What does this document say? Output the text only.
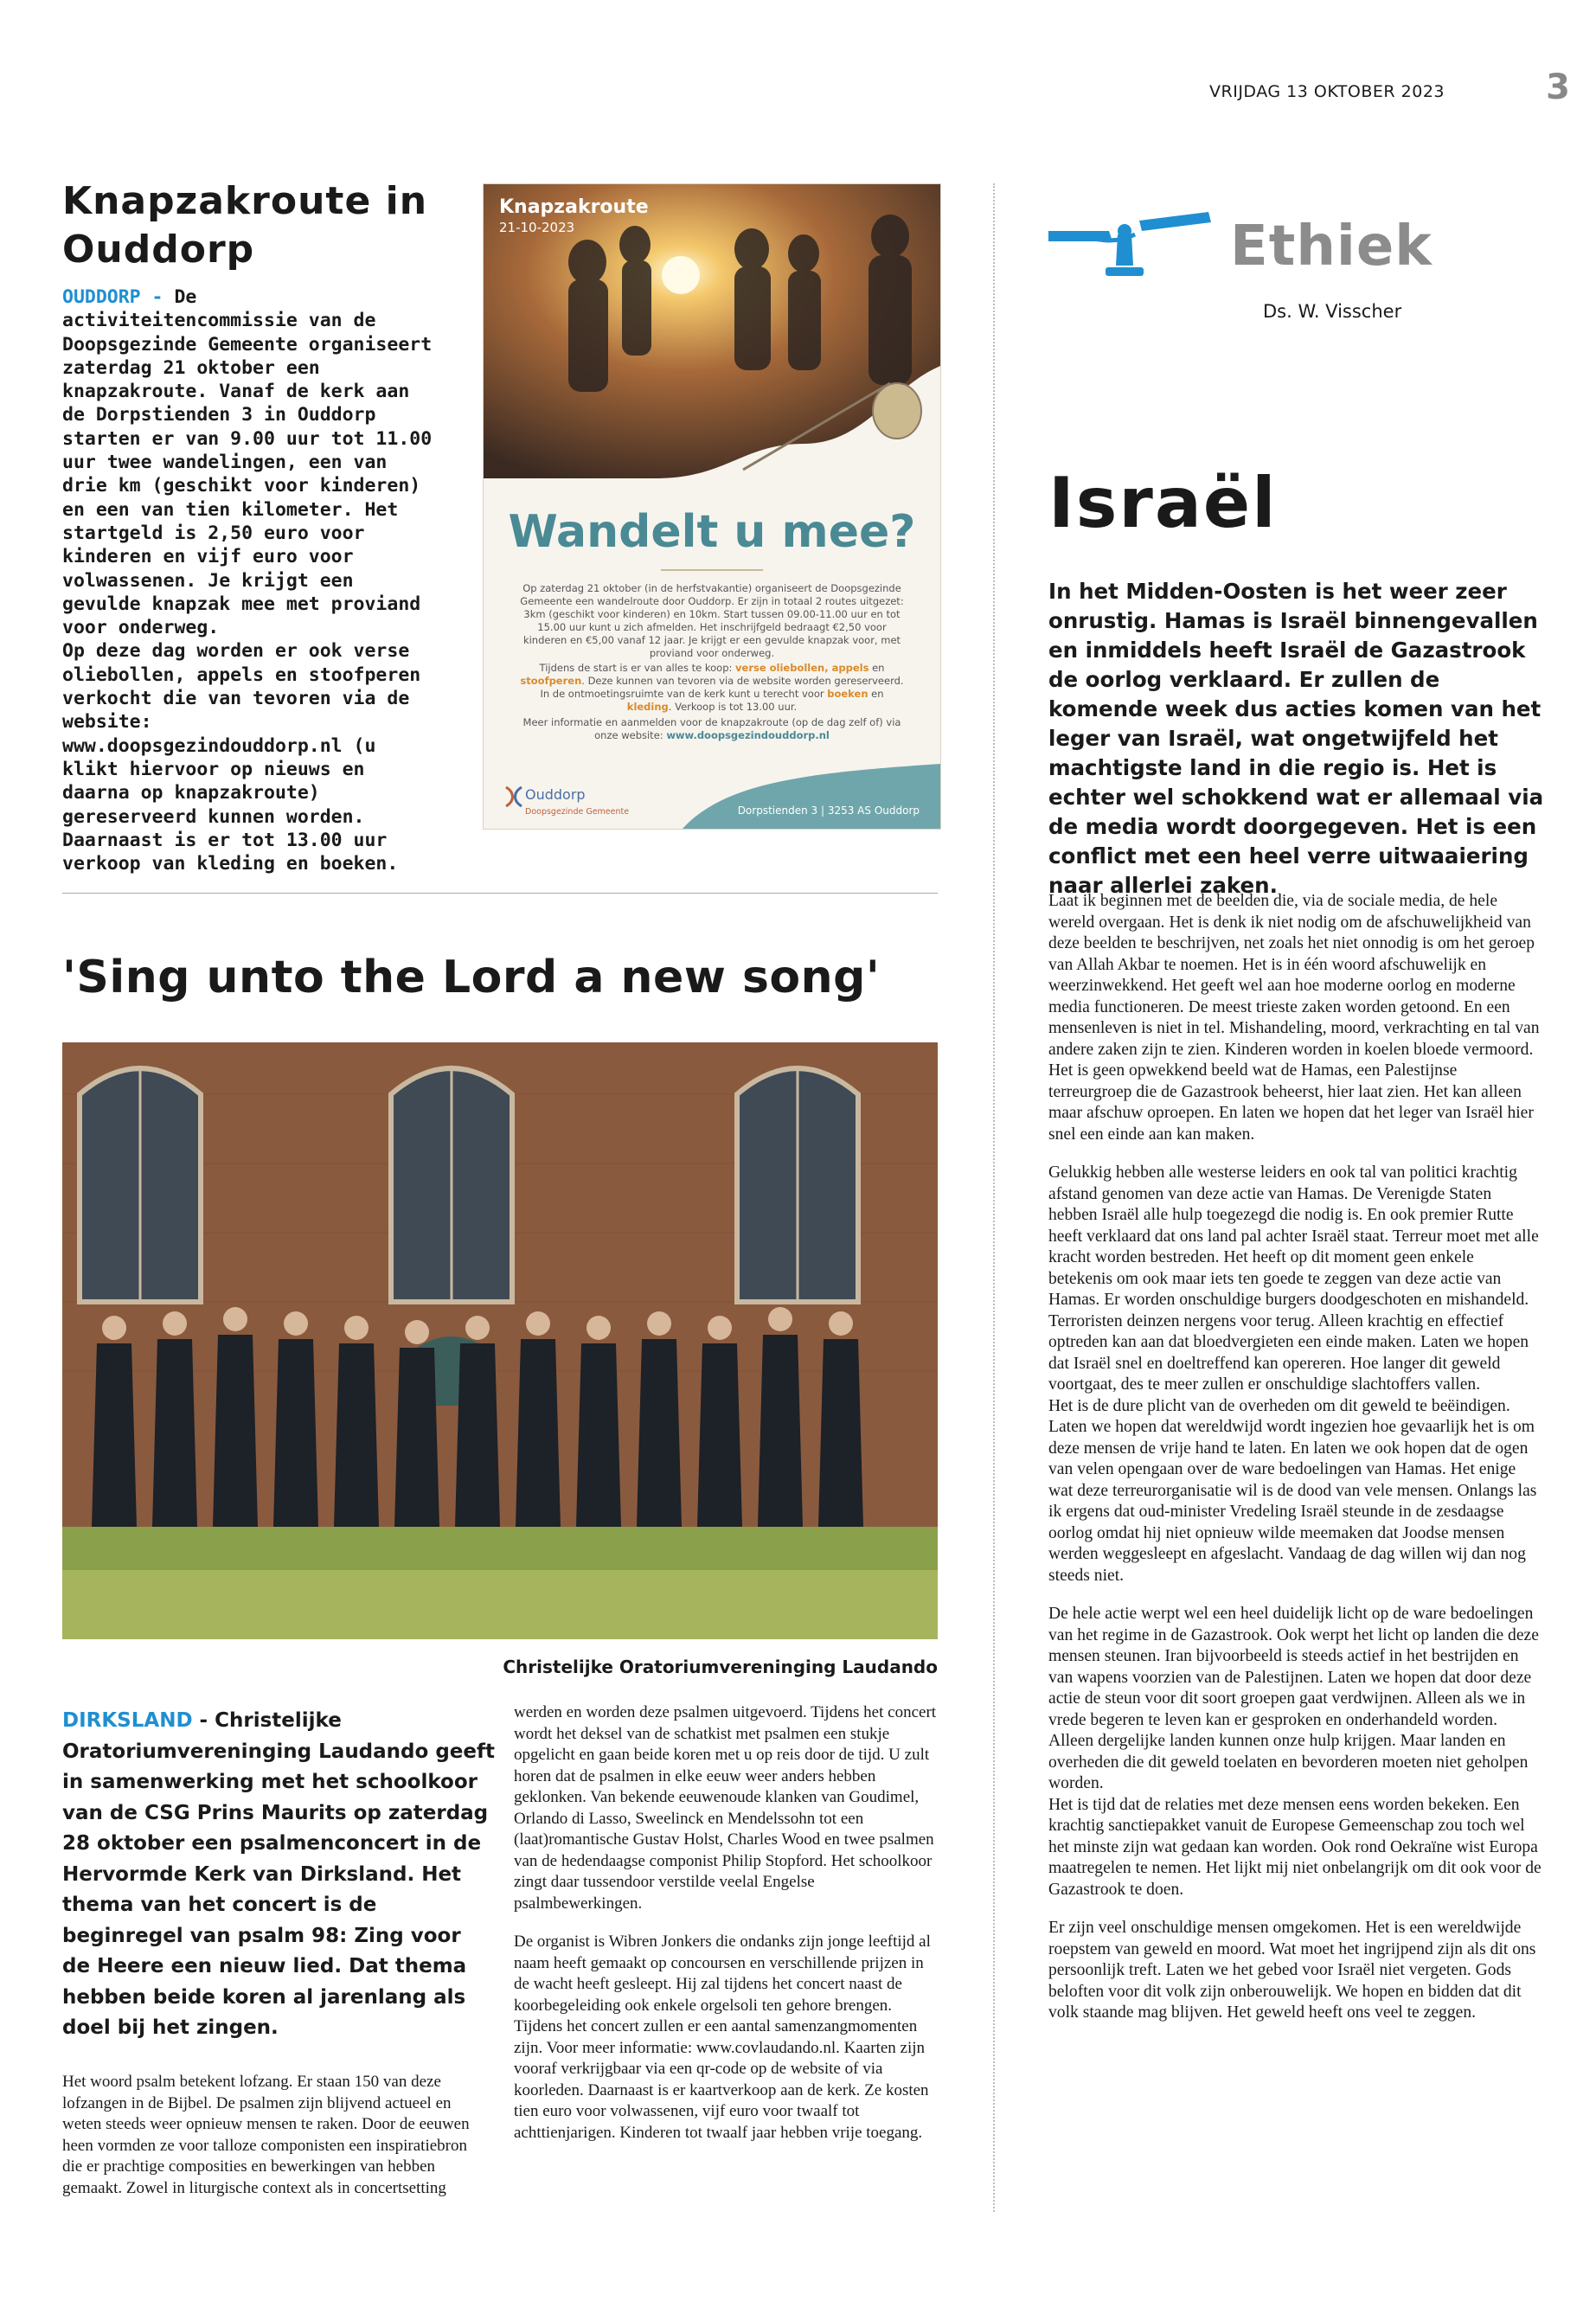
VRIJDAG 13 OKTOBER 2023	3
Knapzakroute in Ouddorp
OUDDORP - De activiteitencommissie van de Doopsgezinde Gemeente organiseert zaterdag 21 oktober een knapzakroute. Vanaf de kerk aan de Dorpstienden 3 in Ouddorp starten er van 9.00 uur tot 11.00 uur twee wandelingen, een van drie km (geschikt voor kinderen) en een van tien kilometer. Het startgeld is 2,50 euro voor kinderen en vijf euro voor volwassenen. Je krijgt een gevulde knapzak mee met proviand voor onderweg.
Op deze dag worden er ook verse oliebollen, appels en stoofperen verkocht die van tevoren via de website:
www.doopsgezindouddorp.nl (u klikt hiervoor op nieuws en daarna op knapzakroute) gereserveerd kunnen worden. Daarnaast is er tot 13.00 uur verkoop van kleding en boeken.
Knapzakroute
21-10-2023
Wandelt u mee?
Op zaterdag 21 oktober (in de herfstvakantie) organiseert de Doopsgezinde Gemeente een wandelroute door Ouddorp. Er zijn in totaal 2 routes uitgezet: 3km (geschikt voor kinderen) en 10km. Start tussen 09.00-11.00 uur en tot 15.00 uur kunt u zich afmelden. Het inschrijfgeld bedraagt €2,50 voor kinderen en €5,00 vanaf 12 jaar. Je krijgt er een gevulde knapzak voor, met proviand voor onderweg.
Tijdens de start is er van alles te koop: verse oliebollen, appels en stoofperen. Deze kunnen van tevoren via de website worden gereserveerd. In de ontmoetingsruimte van de kerk kunt u terecht voor boeken en kleding. Verkoop is tot 13.00 uur.
Meer informatie en aanmelden voor de knapzakroute (op de dag zelf of) via onze website: www.doopsgezindouddorp.nl
Ouddorp
Doopsgezinde Gemeente	Dorpstienden 3 | 3253 AS Ouddorp
'Sing unto the Lord a new song'
Christelijke Oratoriumvereninging Laudando
DIRKSLAND - Christelijke Oratoriumvereninging Laudando geeft in samenwerking met het schoolkoor van de CSG Prins Maurits op zaterdag 28 oktober een psalmenconcert in de Hervormde Kerk van Dirksland. Het thema van het concert is de beginregel van psalm 98: Zing voor de Heere een nieuw lied. Dat thema hebben beide koren al jarenlang als doel bij het zingen.

Het woord psalm betekent lofzang. Er staan 150 van deze lofzangen in de Bijbel. De psalmen zijn blijvend actueel en weten steeds weer opnieuw mensen te raken. Door de eeuwen heen vormden ze voor talloze componisten een inspiratiebron die er prachtige composities en bewerkingen van hebben gemaakt. Zowel in liturgische context als in concertsetting

werden en worden deze psalmen uitgevoerd. Tijdens het concert wordt het deksel van de schatkist met psalmen een stukje opgelicht en gaan beide koren met u op reis door de tijd. U zult horen dat de psalmen in elke eeuw weer anders hebben geklonken. Van bekende eeuwenoude klanken van Goudimel, Orlando di Lasso, Sweelinck en Mendelssohn tot een (laat)romantische Gustav Holst, Charles Wood en twee psalmen van de hedendaagse componist Philip Stopford. Het schoolkoor zingt daar tussendoor verstilde veelal Engelse psalmbewerkingen.

De organist is Wibren Jonkers die ondanks zijn jonge leeftijd al naam heeft gemaakt op concoursen en verschillende prijzen in de wacht heeft gesleept. Hij zal tijdens het concert naast de koorbegeleiding ook enkele orgelsoli ten gehore brengen. Tijdens het concert zullen er een aantal samenzangmomenten zijn. Voor meer informatie: www.covlaudando.nl. Kaarten zijn vooraf verkrijgbaar via een qr-code op de website of via koorleden. Daarnaast is er kaartverkoop aan de kerk. Ze kosten tien euro voor volwassenen, vijf euro voor twaalf tot achttienjarigen. Kinderen tot twaalf jaar hebben vrije toegang.

Ethiek
Ds. W. Visscher
Israël
In het Midden-Oosten is het weer zeer onrustig. Hamas is Israël binnengevallen en inmiddels heeft Israël de Gazastrook de oorlog verklaard. Er zullen de komende week dus acties komen van het leger van Israël, wat ongetwijfeld het machtigste land in die regio is. Het is echter wel schokkend wat er allemaal via de media wordt doorgegeven. Het is een conflict met een heel verre uitwaaiering naar allerlei zaken.

Laat ik beginnen met de beelden die, via de sociale media, de hele wereld overgaan. Het is denk ik niet nodig om de afschuwelijkheid van deze beelden te beschrijven, net zoals het niet onnodig is om het geroep van Allah Akbar te noemen. Het is in één woord afschuwelijk en weerzinwekkend. Het geeft wel aan hoe moderne oorlog en moderne media functioneren. De meest trieste zaken worden getoond. En een mensenleven is niet in tel. Mishandeling, moord, verkrachting en tal van andere zaken zijn te zien. Kinderen worden in koelen bloede vermoord. Het is geen opwekkend beeld wat de Hamas, een Palestijnse terreurgroep die de Gazastrook beheerst, hier laat zien. Het kan alleen maar afschuw oproepen. En laten we hopen dat het leger van Israël hier snel een einde aan kan maken.

Gelukkig hebben alle westerse leiders en ook tal van politici krachtig afstand genomen van deze actie van Hamas. De Verenigde Staten hebben Israël alle hulp toegezegd die nodig is. En ook premier Rutte heeft verklaard dat ons land pal achter Israël staat. Terreur moet met alle kracht worden bestreden. Het heeft op dit moment geen enkele betekenis om ook maar iets ten goede te zeggen van deze actie van Hamas. Er worden onschuldige burgers doodgeschoten en mishandeld. Terroristen deinzen nergens voor terug. Alleen krachtig en effectief optreden kan aan dat bloedvergieten een einde maken. Laten we hopen dat Israël snel en doeltreffend kan opereren. Hoe langer dit geweld voortgaat, des te meer zullen er onschuldige slachtoffers vallen.
Het is de dure plicht van de overheden om dit geweld te beëindigen. Laten we hopen dat wereldwijd wordt ingezien hoe gevaarlijk het is om deze mensen de vrije hand te laten. En laten we ook hopen dat de ogen van velen opengaan over de ware bedoelingen van Hamas. Het enige wat deze terreurorganisatie wil is de dood van vele mensen. Onlangs las ik ergens dat oud-minister Vredeling Israël steunde in de zesdaagse oorlog omdat hij niet opnieuw wilde meemaken dat Joodse mensen werden weggesleept en afgeslacht. Vandaag de dag willen wij dan nog steeds niet.

De hele actie werpt wel een heel duidelijk licht op de ware bedoelingen van het regime in de Gazastrook. Ook werpt het licht op landen die deze mensen steunen. Iran bijvoorbeeld is steeds actief in het bestrijden en van wapens voorzien van de Palestijnen. Laten we hopen dat door deze actie de steun voor dit soort groepen gaat verdwijnen. Alleen als we in vrede begeren te leven kan er gesproken en onderhandeld worden. Alleen dergelijke landen kunnen onze hulp krijgen. Maar landen en overheden die dit geweld toelaten en bevorderen moeten niet geholpen worden.
Het is tijd dat de relaties met deze mensen eens worden bekeken. Een krachtig sanctiepakket vanuit de Europese Gemeenschap zou toch wel het minste zijn wat gedaan kan worden. Ook rond Oekraïne wist Europa maatregelen te nemen. Het lijkt mij niet onbelangrijk om dit ook voor de Gazastrook te doen.

Er zijn veel onschuldige mensen omgekomen. Het is een wereldwijde roepstem van geweld en moord. Wat moet het ingrijpend zijn als dit ons persoonlijk treft. Laten we het gebed voor Israël niet vergeten. Gods beloften voor dit volk zijn onberouwelijk. We hopen en bidden dat dit volk staande mag blijven. Het geweld heeft ons veel te zeggen.
